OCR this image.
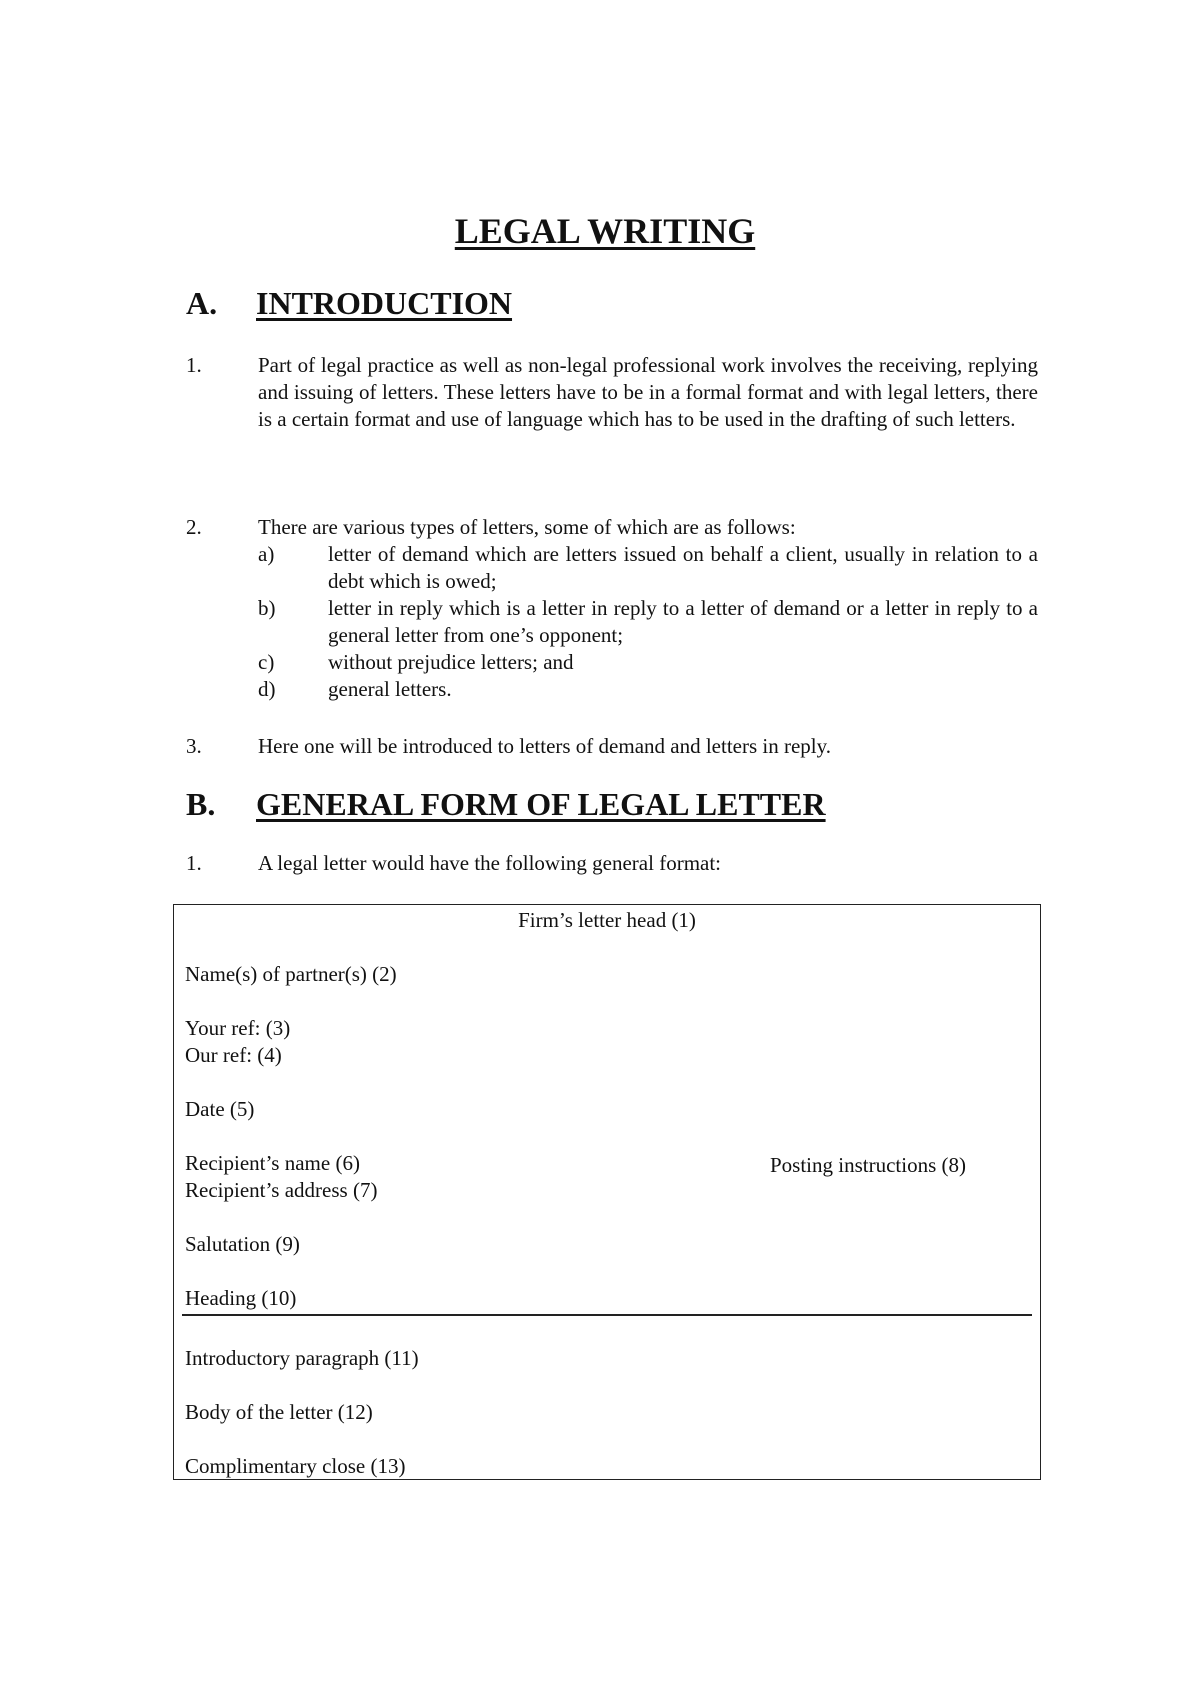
LEGAL WRITING
A. INTRODUCTION
1.	Part of legal practice as well as non-legal professional work involves the receiving, replying and issuing of letters. These letters have to be in a formal format and with legal letters, there is a certain format and use of language which has to be used in the drafting of such letters.
2.	There are various types of letters, some of which are as follows:
a)	letter of demand which are letters issued on behalf a client, usually in relation to a debt which is owed;
b)	letter in reply which is a letter in reply to a letter of demand or a letter in reply to a general letter from one’s opponent;
c)	without prejudice letters; and
d)	general letters.
3.	Here one will be introduced to letters of demand and letters in reply.
B. GENERAL FORM OF LEGAL LETTER
1.	A legal letter would have the following general format:
Firm’s letter head (1)
Name(s) of partner(s) (2)
Your ref: (3)
Our ref: (4)
Date (5)
Recipient’s name (6)	Posting instructions (8)
Recipient’s address (7)
Salutation (9)
Heading (10)
Introductory paragraph (11)
Body of the letter (12)
Complimentary close (13)
